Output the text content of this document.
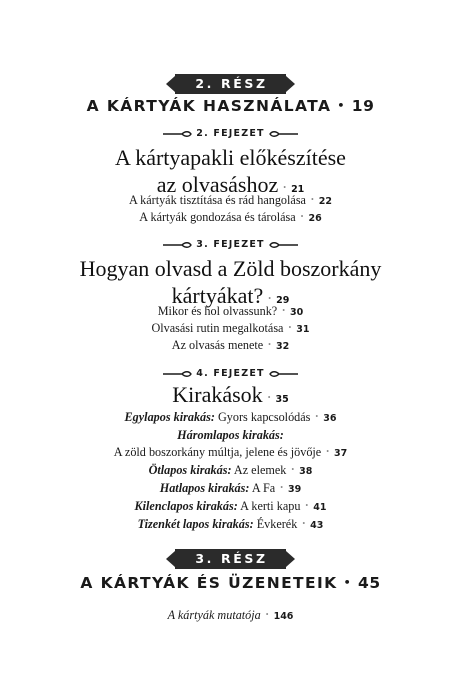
2. RÉSZ
A KÁRTYÁK HASZNÁLATA • 19
2. FEJEZET
A kártyapakli előkészítése
az olvasáshoz • 21
A kártyák tisztítása és rád hangolása • 22
A kártyák gondozása és tárolása • 26
3. FEJEZET
Hogyan olvasd a Zöld boszorkány
kártyákat? • 29
Mikor és hol olvassunk? • 30
Olvasási rutin megalkotása • 31
Az olvasás menete • 32
4. FEJEZET
Kirakások • 35
Egylapos kirakás: Gyors kapcsolódás • 36
Háromlapos kirakás:
A zöld boszorkány múltja, jelene és jövője • 37
Ötlapos kirakás: Az elemek • 38
Hatlapos kirakás: A Fa • 39
Kilenclapos kirakás: A kerti kapu • 41
Tizenkét lapos kirakás: Évkerék • 43
3. RÉSZ
A KÁRTYÁK ÉS ÜZENETEIK • 45
A kártyák mutatója • 146
